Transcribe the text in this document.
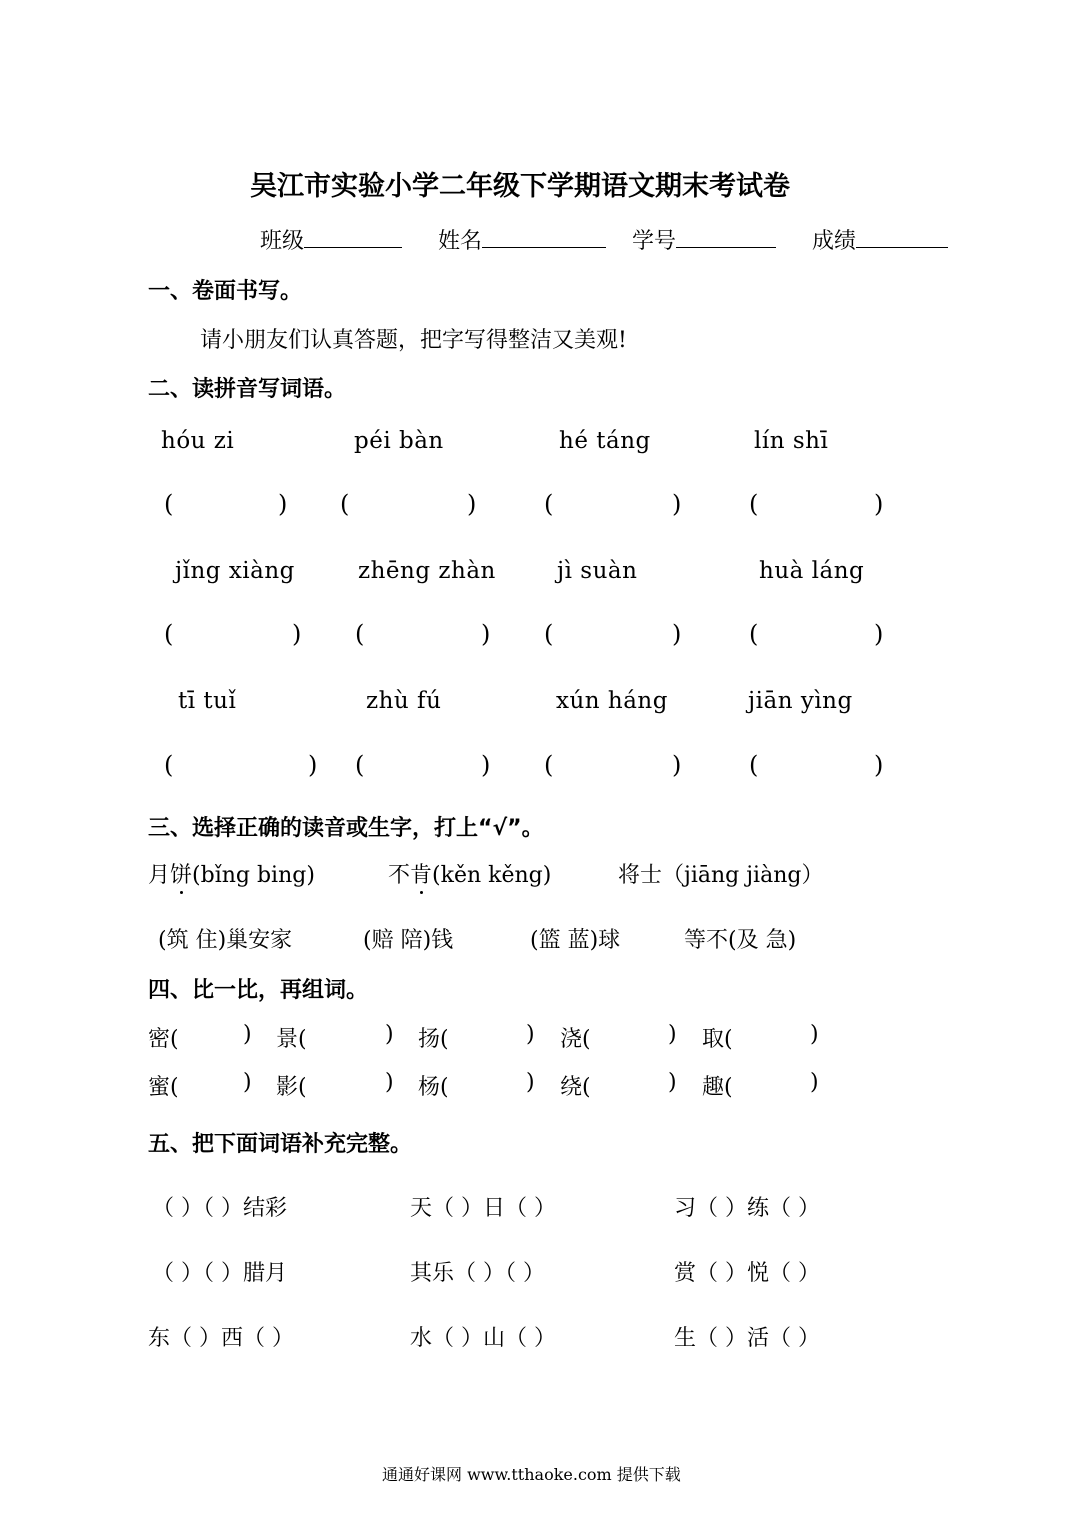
吴江市实验小学二年级下学期语文期末考试卷
班级	姓名	学号	成绩
一、卷面书写。
请小朋友们认真答题，把字写得整洁又美观!
二、读拼音写词语。
hóu zi	péi bàn	hé táng	lín shī
(	) (	)	(	)	(	)
jǐng xiàng	zhēng zhàn	jì suàn	huà láng
(	) (	) (	)	(	)
tī tuǐ	zhù fú	xún háng	jiān yìng
(	) (	) (	)	(	)
三、选择正确的读音或生字，打上“√”。
月饼(bǐng bing)	不肯(kěn kěng)	将士（jiāng jiàng）
(筑 住)巢安家	(赔 陪)钱	(篮 蓝)球	等不(及 急)
四、比一比，再组词。
密(	) 景(	) 扬(	) 浇(	) 取(	)
蜜(	) 影(	) 杨(	) 绕(	) 趣(	)
五、把下面词语补充完整。
（ ）（ ）结彩	天（ ）日（ ）	习（ ）练（ ）
（ ）（ ）腊月	其乐（ ）（ ）	赏（ ）悦（ ）
东（ ）西（ ）	水（ ）山（ ）	生（ ）活（ ）
通通好课网 www.tthaoke.com 提供下载
